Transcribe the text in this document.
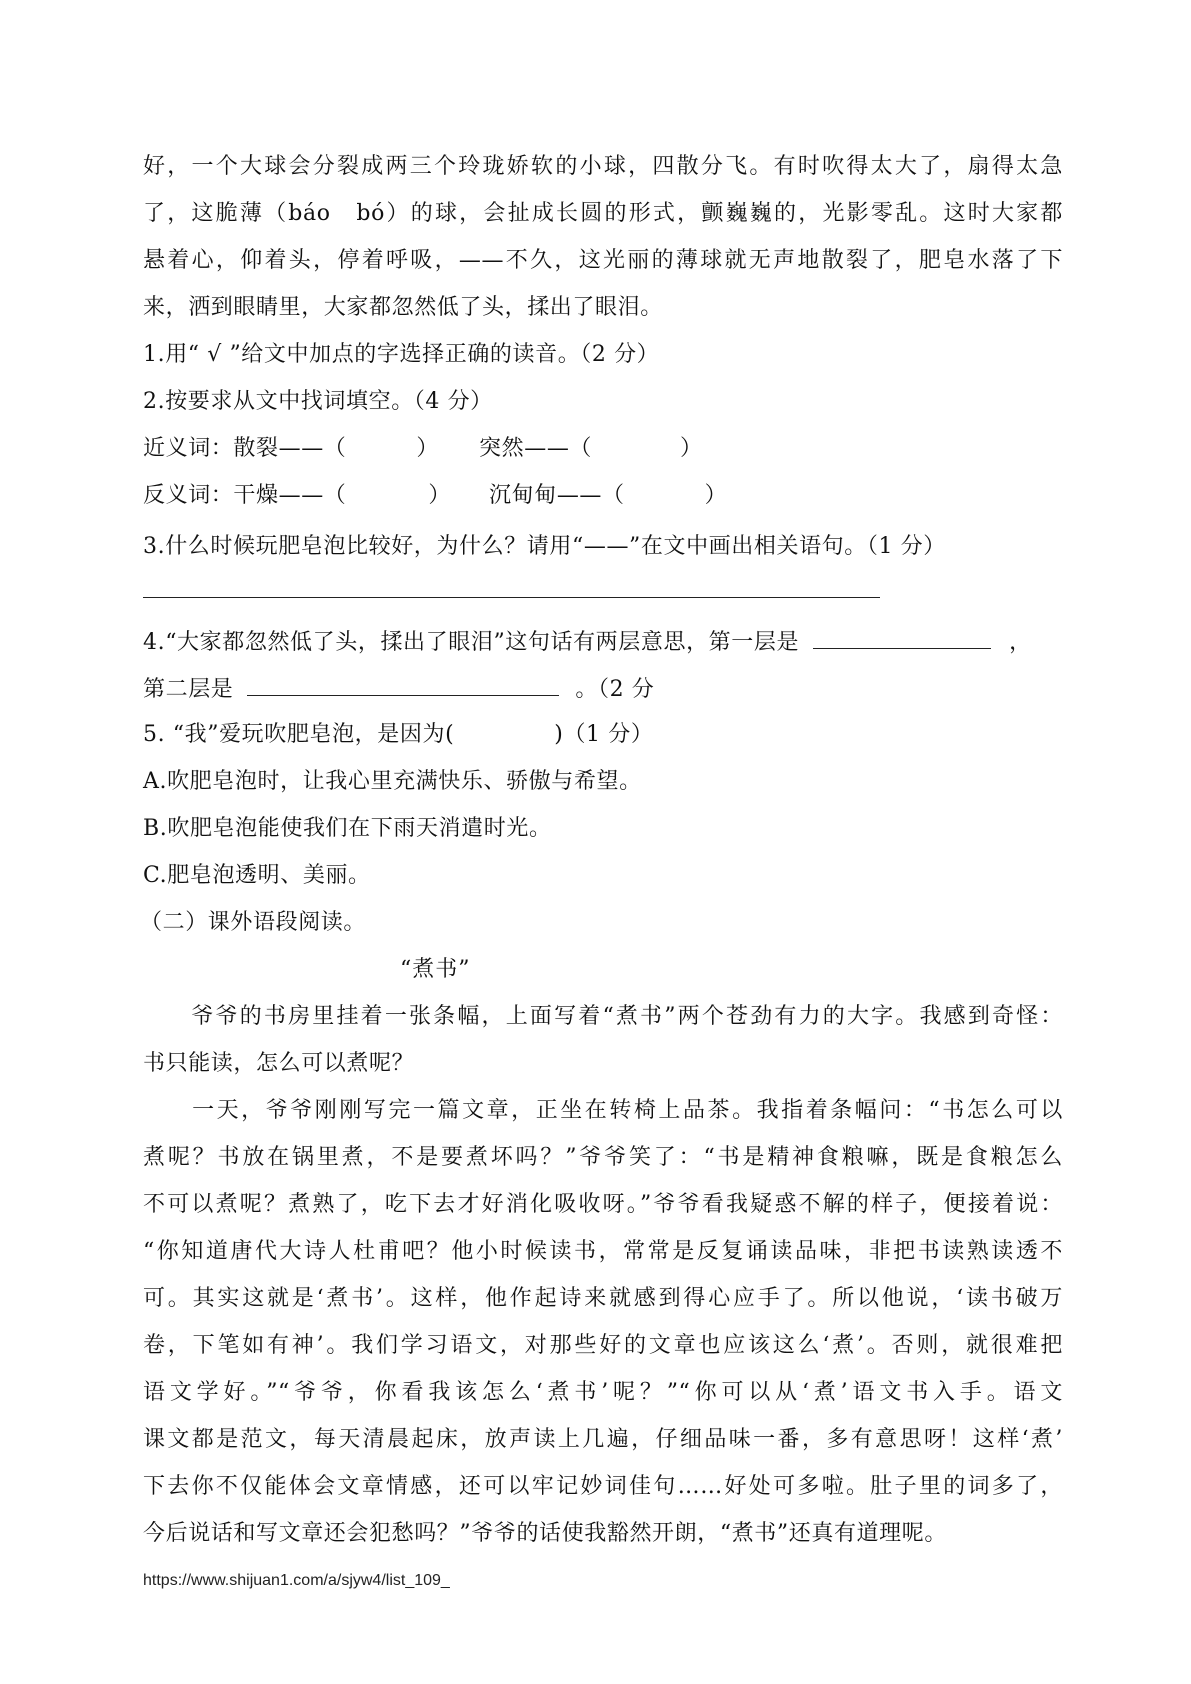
好，一个大球会分裂成两三个玲珑娇软的小球，四散分飞。有时吹得太大了，扇得太急
了，这脆薄（báo　bó）的球，会扯成长圆的形式，颤巍巍的，光影零乱。这时大家都
悬着心，仰着头，停着呼吸，——不久，这光丽的薄球就无声地散裂了，肥皂水落了下
来，洒到眼睛里，大家都忽然低了头，揉出了眼泪。
1.用“ √ ”给文中加点的字选择正确的读音。（2 分）
2.按要求从文中找词填空。（4 分）
近义词：散裂——（	） 突然——（	）
反义词：干燥——（	） 沉甸甸——（	）
3.什么时候玩肥皂泡比较好，为什么？请用“——”在文中画出相关语句。（1 分）
4.“大家都忽然低了头，揉出了眼泪”这句话有两层意思，第一层是	，
第二层是	。（2 分
5. “我”爱玩吹肥皂泡，是因为(	)（1 分）
A.吹肥皂泡时，让我心里充满快乐、骄傲与希望。
B.吹肥皂泡能使我们在下雨天消遣时光。
C.肥皂泡透明、美丽。
（二）课外语段阅读。
“煮书”
　　爷爷的书房里挂着一张条幅，上面写着“煮书”两个苍劲有力的大字。我感到奇怪：
书只能读，怎么可以煮呢？
　　一天，爷爷刚刚写完一篇文章，正坐在转椅上品茶。我指着条幅问：“书怎么可以
煮呢？书放在锅里煮，不是要煮坏吗？”爷爷笑了：“书是精神食粮嘛，既是食粮怎么
不可以煮呢？煮熟了，吃下去才好消化吸收呀。”爷爷看我疑惑不解的样子，便接着说：
“你知道唐代大诗人杜甫吧？他小时候读书，常常是反复诵读品味，非把书读熟读透不
可。其实这就是‘煮书’。这样，他作起诗来就感到得心应手了。所以他说，‘读书破万
卷，下笔如有神’。我们学习语文，对那些好的文章也应该这么‘煮’。否则，就很难把
语文学好。”“爷爷，你看我该怎么‘煮书’呢？”“你可以从‘煮’语文书入手。语文
课文都是范文，每天清晨起床，放声读上几遍，仔细品味一番，多有意思呀！这样‘煮’
下去你不仅能体会文章情感，还可以牢记妙词佳句……好处可多啦。肚子里的词多了，
今后说话和写文章还会犯愁吗？”爷爷的话使我豁然开朗，“煮书”还真有道理呢。
https://www.shijuan1.com/a/sjyw4/list_109_
